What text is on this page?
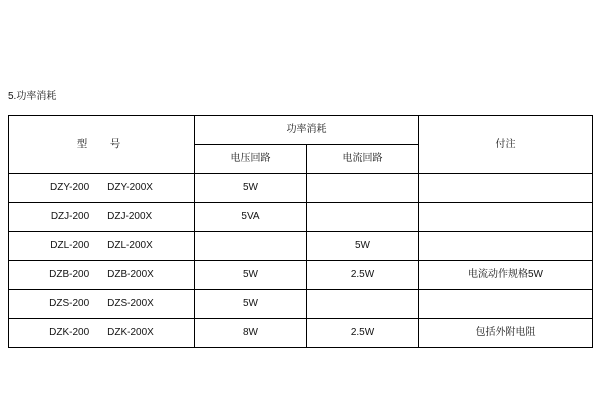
5.功率消耗
型　号	功率消耗		付注
	电压回路	电流回路	

DZY-200 DZY-200X	5W		

DZJ-200 DZJ-200X	5VA		

DZL-200 DZL-200X		5W	

DZB-200 DZB-200X	5W	2.5W	电流动作规格5W

DZS-200 DZS-200X	5W		

DZK-200 DZK-200X	8W	2.5W	包括外附电阻
